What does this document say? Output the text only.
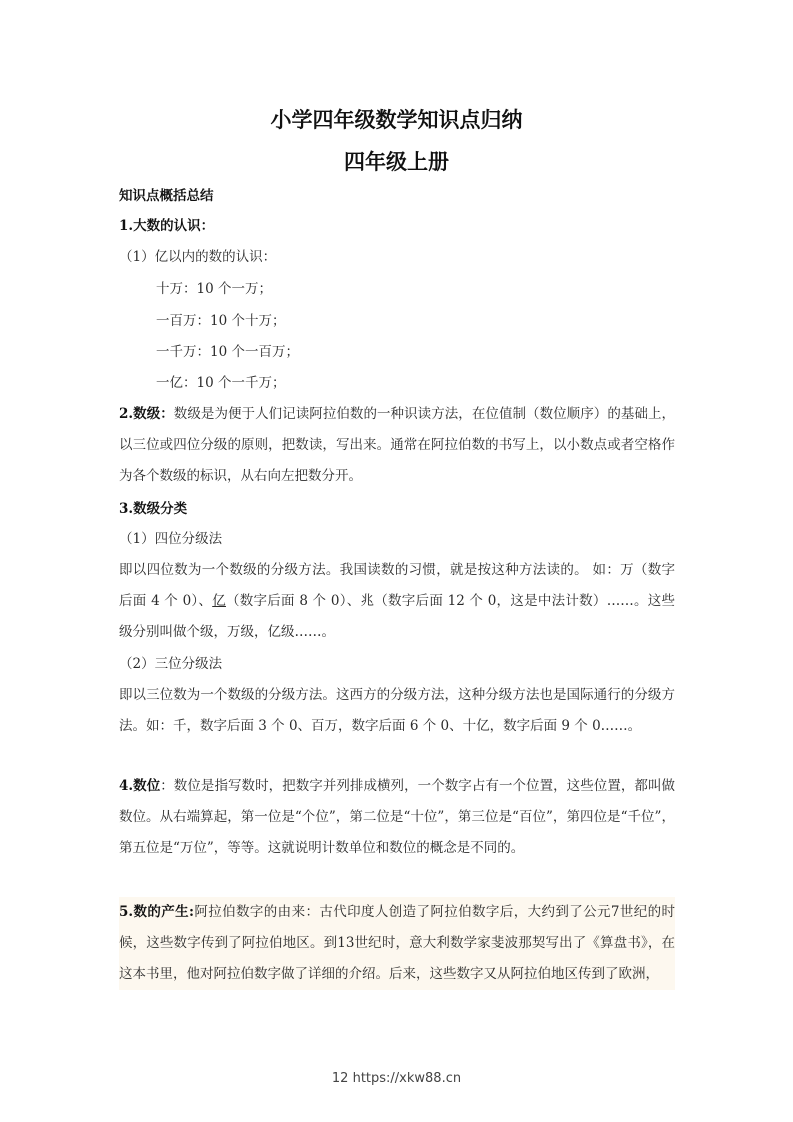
小学四年级数学知识点归纳
四年级上册
知识点概括总结
1.大数的认识：
（1）亿以内的数的认识：
十万：10 个一万；
一百万：10 个十万；
一千万：10 个一百万；
一亿：10 个一千万；
2.数级：数级是为便于人们记读阿拉伯数的一种识读方法，在位值制（数位顺序）的基础上，以三位或四位分级的原则，把数读，写出来。通常在阿拉伯数的书写上，以小数点或者空格作为各个数级的标识，从右向左把数分开。
3.数级分类
（1）四位分级法
即以四位数为一个数级的分级方法。我国读数的习惯，就是按这种方法读的。 如：万（数字后面 4 个 0）、亿（数字后面 8 个 0）、兆（数字后面 12 个 0，这是中法计数）……。这些级分别叫做个级，万级，亿级……。
（2）三位分级法
即以三位数为一个数级的分级方法。这西方的分级方法，这种分级方法也是国际通行的分级方法。如：千，数字后面 3 个 0、百万，数字后面 6 个 0、十亿，数字后面 9 个 0……。
4.数位：数位是指写数时，把数字并列排成横列，一个数字占有一个位置，这些位置，都叫做数位。从右端算起，第一位是“个位”，第二位是“十位”，第三位是“百位”，第四位是“千位”，第五位是“万位”，等等。这就说明计数单位和数位的概念是不同的。
5.数的产生:阿拉伯数字的由来：古代印度人创造了阿拉伯数字后，大约到了公元7世纪的时候，这些数字传到了阿拉伯地区。到13世纪时，意大利数学家斐波那契写出了《算盘书》，在这本书里，他对阿拉伯数字做了详细的介绍。后来，这些数字又从阿拉伯地区传到了欧洲，
12 https://xkw88.cn
